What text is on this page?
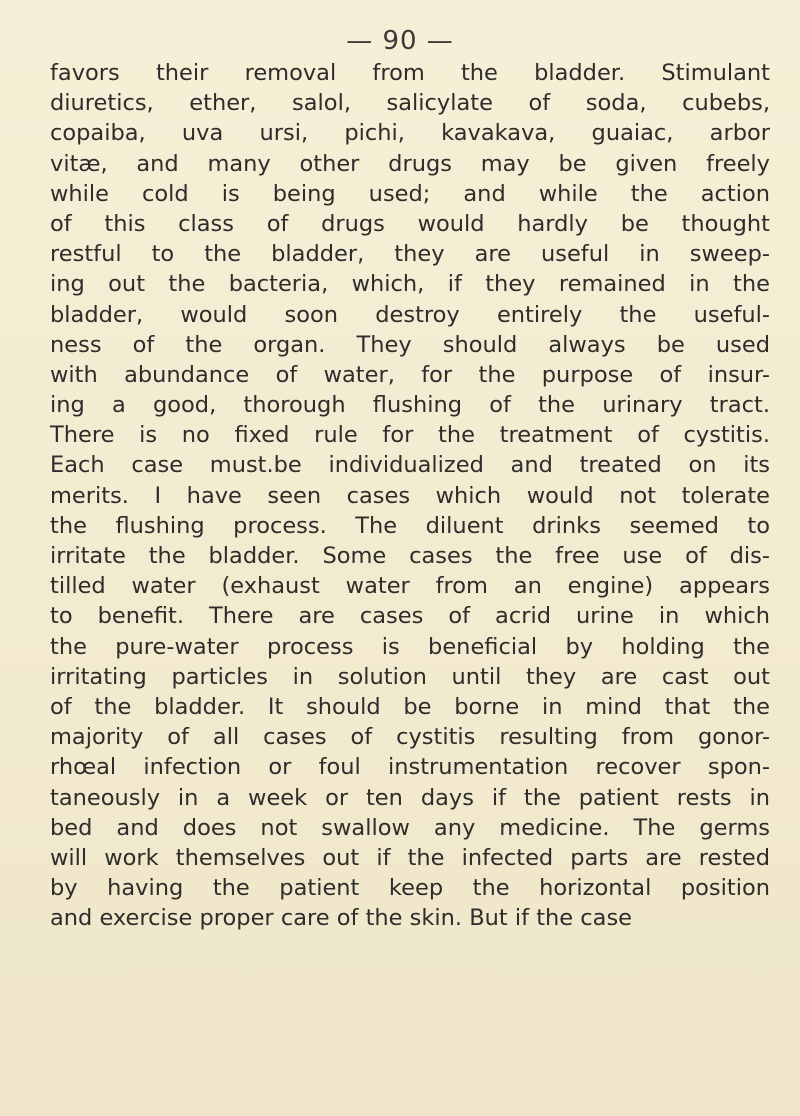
— 90 —
favors their removal from the bladder. Stimulant
diuretics, ether, salol, salicylate of soda, cubebs,
copaiba, uva ursi, pichi, kavakava, guaiac, arbor
vitæ, and many other drugs may be given freely
while cold is being used; and while the action
of this class of drugs would hardly be thought
restful to the bladder, they are useful in sweep-
ing out the bacteria, which, if they remained in the
bladder, would soon destroy entirely the useful-
ness of the organ. They should always be used
with abundance of water, for the purpose of insur-
ing a good, thorough flushing of the urinary tract.
There is no fixed rule for the treatment of cystitis.
Each case must.be individualized and treated on its
merits. I have seen cases which would not tolerate
the flushing process. The diluent drinks seemed to
irritate the bladder. Some cases the free use of dis-
tilled water (exhaust water from an engine) appears
to benefit. There are cases of acrid urine in which
the pure-water process is beneficial by holding the
irritating particles in solution until they are cast out
of the bladder. It should be borne in mind that the
majority of all cases of cystitis resulting from gonor-
rhœal infection or foul instrumentation recover spon-
taneously in a week or ten days if the patient rests in
bed and does not swallow any medicine. The germs
will work themselves out if the infected parts are rested
by having the patient keep the horizontal position
and exercise proper care of the skin. But if the case
